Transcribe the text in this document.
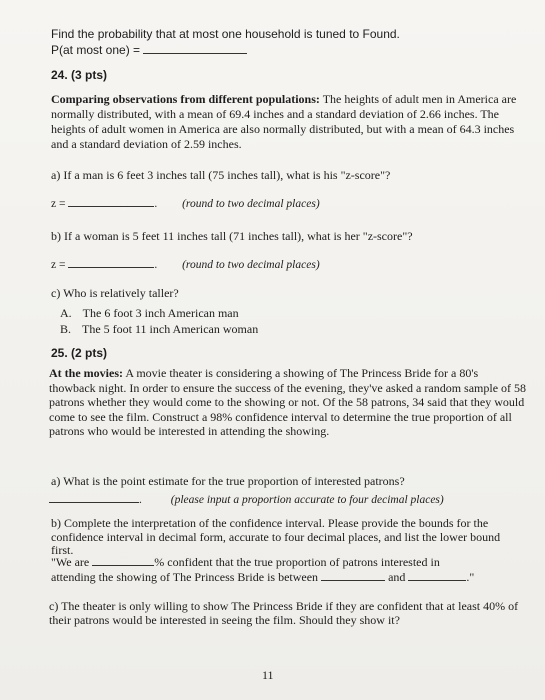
Find the probability that at most one household is tuned to Found.
P(at most one) =
24. (3 pts)
Comparing observations from different populations: The heights of adult men in America are normally distributed, with a mean of 69.4 inches and a standard deviation of 2.66 inches. The heights of adult women in America are also normally distributed, but with a mean of 64.3 inches and a standard deviation of 2.59 inches.
a) If a man is 6 feet 3 inches tall (75 inches tall), what is his "z-score"?
z =	. (round to two decimal places)
b) If a woman is 5 feet 11 inches tall (71 inches tall), what is her "z-score"?
z =	. (round to two decimal places)
c) Who is relatively taller?
A. The 6 foot 3 inch American man
B. The 5 foot 11 inch American woman
25. (2 pts)
At the movies: A movie theater is considering a showing of The Princess Bride for a 80's thowback night. In order to ensure the success of the evening, they've asked a random sample of 58 patrons whether they would come to the showing or not. Of the 58 patrons, 34 said that they would come to see the film. Construct a 98% confidence interval to determine the true proportion of all patrons who would be interested in attending the showing.
a) What is the point estimate for the true proportion of interested patrons?
.	(please input a proportion accurate to four decimal places)
b) Complete the interpretation of the confidence interval. Please provide the bounds for the confidence interval in decimal form, accurate to four decimal places, and list the lower bound first.
"We are	% confident that the true proportion of patrons interested in
attending the showing of The Princess Bride is between	and	."
c) The theater is only willing to show The Princess Bride if they are confident that at least 40% of their patrons would be interested in seeing the film. Should they show it?
11
